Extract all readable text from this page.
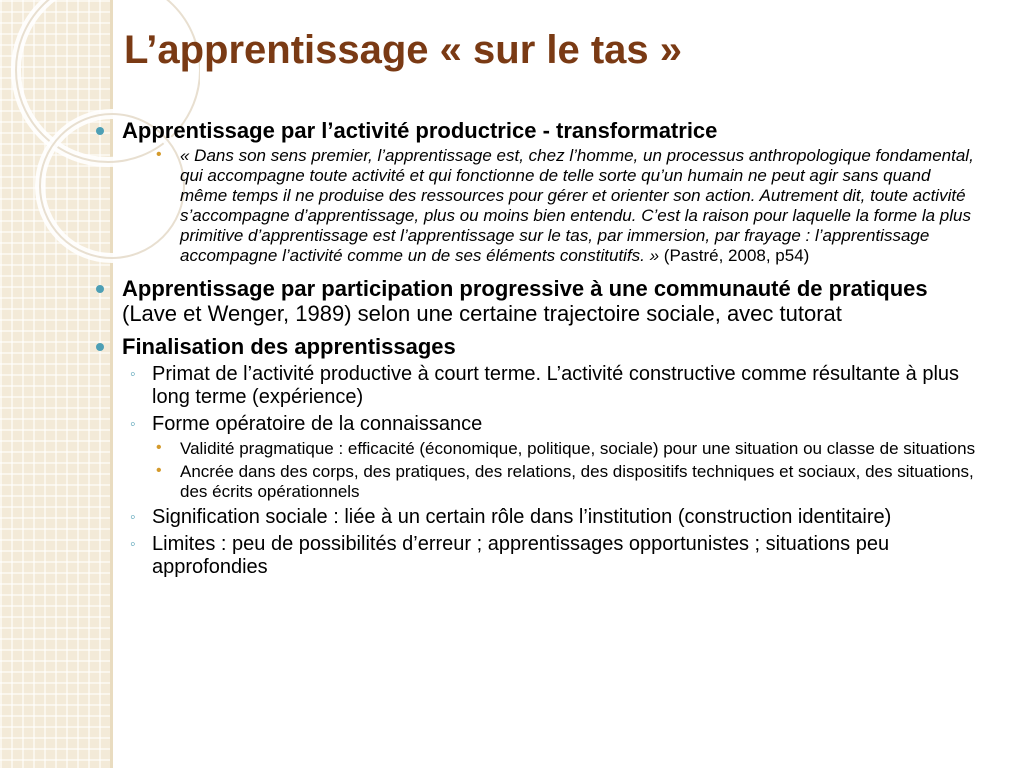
L’apprentissage « sur le tas »
Apprentissage par l’activité productrice - transformatrice
• « Dans son sens premier, l’apprentissage est, chez l’homme, un processus anthropologique fondamental, qui accompagne toute activité et qui fonctionne de telle sorte qu’un humain ne peut agir sans quand même temps il ne produise des ressources pour gérer et orienter son action. Autrement dit, toute activité s’accompagne d’apprentissage, plus ou moins bien entendu. C’est la raison pour laquelle la forme la plus primitive d’apprentissage est l’apprentissage sur le tas, par immersion, par frayage : l’apprentissage accompagne l’activité comme un de ses éléments constitutifs. » (Pastré, 2008, p54)
Apprentissage par participation progressive à une communauté de pratiques (Lave et Wenger, 1989) selon une certaine trajectoire sociale, avec tutorat
Finalisation des apprentissages
◦ Primat de l’activité productive à court terme. L’activité constructive comme résultante à plus long terme (expérience)
◦ Forme opératoire de la connaissance
• Validité pragmatique : efficacité (économique, politique, sociale) pour une situation ou classe de situations
• Ancrée dans des corps, des pratiques, des relations, des dispositifs techniques et sociaux, des situations, des écrits opérationnels
◦ Signification sociale : liée à un certain rôle dans l’institution (construction identitaire)
◦ Limites : peu de possibilités d’erreur ; apprentissages opportunistes ; situations peu approfondies
